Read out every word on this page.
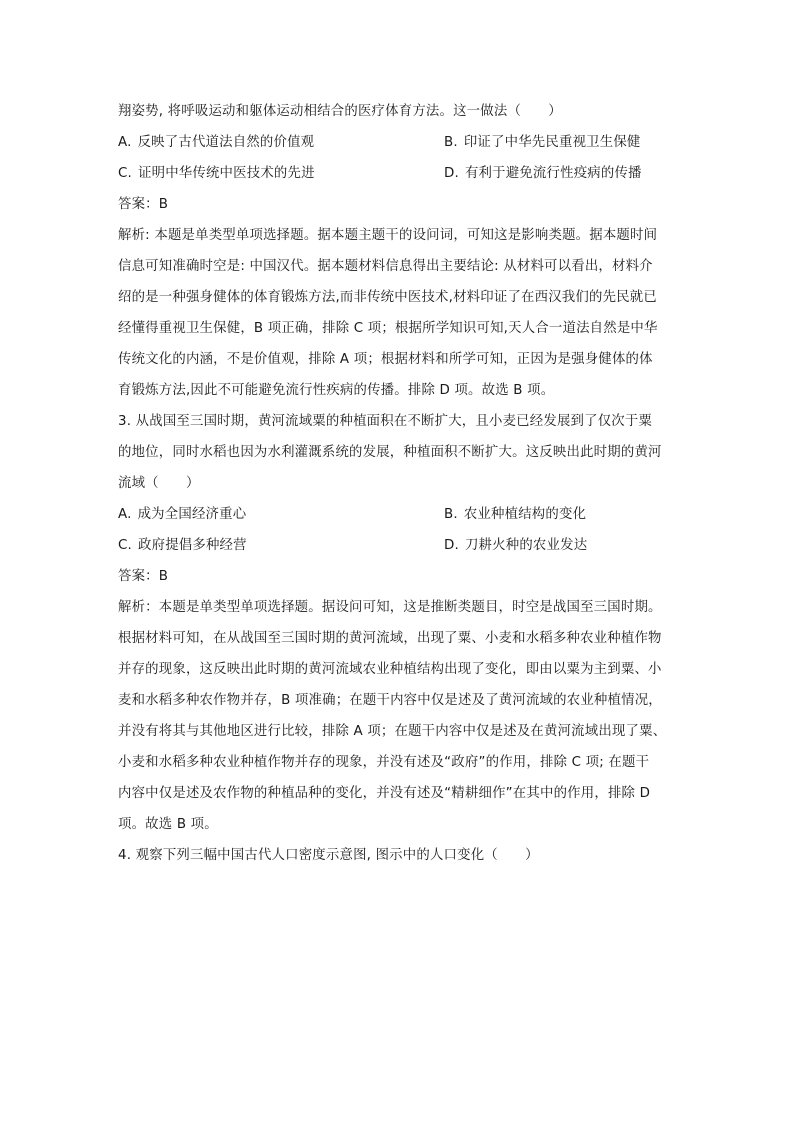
翔姿势, 将呼吸运动和躯体运动相结合的医疗体育方法。这一做法（　　）
A. 反映了古代道法自然的价值观	B. 印证了中华先民重视卫生保健
C. 证明中华传统中医技术的先进	D. 有利于避免流行性疫病的传播
答案：B
解析: 本题是单类型单项选择题。据本题主题干的设问词，可知这是影响类题。据本题时间
信息可知准确时空是: 中国汉代。据本题材料信息得出主要结论: 从材料可以看出，材料介
绍的是一种强身健体的体育锻炼方法,而非传统中医技术,材料印证了在西汉我们的先民就已
经懂得重视卫生保健，B 项正确，排除 C 项；根据所学知识可知,天人合一道法自然是中华
传统文化的内涵，不是价值观，排除 A 项；根据材料和所学可知，正因为是强身健体的体
育锻炼方法,因此不可能避免流行性疾病的传播。排除 D 项。故选 B 项。
3. 从战国至三国时期，黄河流域粟的种植面积在不断扩大，且小麦已经发展到了仅次于粟
的地位，同时水稻也因为水利灌溉系统的发展，种植面积不断扩大。这反映出此时期的黄河
流域（　　）
A. 成为全国经济重心	B. 农业种植结构的变化
C. 政府提倡多种经营	D. 刀耕火种的农业发达
答案：B
解析：本题是单类型单项选择题。据设问可知，这是推断类题目，时空是战国至三国时期。
根据材料可知，在从战国至三国时期的黄河流域，出现了粟、小麦和水稻多种农业种植作物
并存的现象，这反映出此时期的黄河流域农业种植结构出现了变化，即由以粟为主到粟、小
麦和水稻多种农作物并存，B 项准确；在题干内容中仅是述及了黄河流域的农业种植情况，
并没有将其与其他地区进行比较，排除 A 项；在题干内容中仅是述及在黄河流域出现了粟、
小麦和水稻多种农业种植作物并存的现象，并没有述及“政府”的作用，排除 C 项; 在题干
内容中仅是述及农作物的种植品种的变化，并没有述及“精耕细作”在其中的作用，排除 D
项。故选 B 项。
4. 观察下列三幅中国古代人口密度示意图, 图示中的人口变化（　　）
